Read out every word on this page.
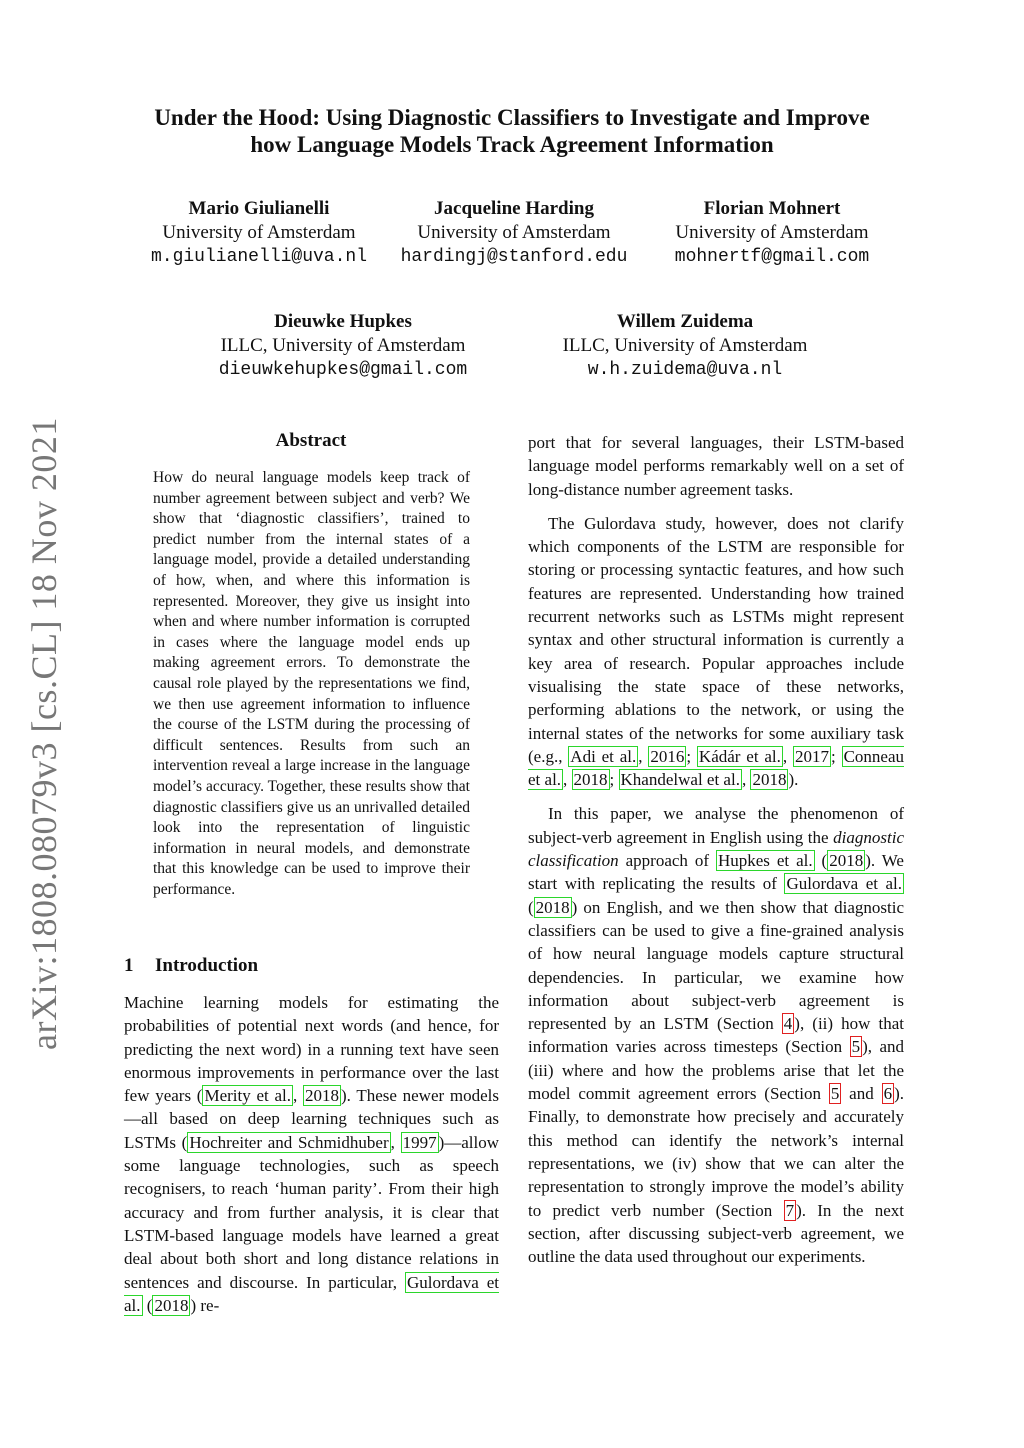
Under the Hood: Using Diagnostic Classifiers to Investigate and Improve
how Language Models Track Agreement Information
Mario Giulianelli
University of Amsterdam
m.giulianelli@uva.nl
Jacqueline Harding
University of Amsterdam
hardingj@stanford.edu
Florian Mohnert
University of Amsterdam
mohnertf@gmail.com
Dieuwke Hupkes
ILLC, University of Amsterdam
dieuwkehupkes@gmail.com
Willem Zuidema
ILLC, University of Amsterdam
w.h.zuidema@uva.nl
arXiv:1808.08079v3 [cs.CL] 18 Nov 2021	Abstract
How do neural language models keep track of number agreement between subject and verb? We show that ‘diagnostic classifiers’, trained to predict number from the internal states of a language model, provide a detailed understanding of how, when, and where this information is represented. Moreover, they give us insight into when and where number information is corrupted in cases where the language model ends up making agreement errors. To demonstrate the causal role played by the representations we find, we then use agreement information to influence the course of the LSTM during the processing of difficult sentences. Results from such an intervention reveal a large increase in the language model’s accuracy. Together, these results show that diagnostic classifiers give us an unrivalled detailed look into the representation of linguistic information in neural models, and demonstrate that this knowledge can be used to improve their performance.
1 Introduction

Machine learning models for estimating the probabilities of potential next words (and hence, for predicting the next word) in a running text have seen enormous improvements in performance over the last few years ( Merity et al. , 2018 ). These newer models—all based on deep learning techniques such as LSTMs ( Hochreiter and Schmidhuber , 1997 )—allow some language technologies, such as speech recognisers, to reach ‘human parity’. From their high accuracy and from further analysis, it is clear that LSTM-based language models have learned a great deal about both short and long distance relations in sentences and discourse. In particular, Gulordava et al. ( 2018 ) re-

port that for several languages, their LSTM-based language model performs remarkably well on a set of long-distance number agreement tasks.

The Gulordava study, however, does not clarify which components of the LSTM are responsible for storing or processing syntactic features, and how such features are represented. Understanding how trained recurrent networks such as LSTMs might represent syntax and other structural information is currently a key area of research. Popular approaches include visualising the state space of these networks, performing ablations to the network, or using the internal states of the networks for some auxiliary task (e.g., Adi et al. , 2016 ; Kádár et al. , 2017 ; Conneau et al. , 2018 ; Khandelwal et al. , 2018 ).

In this paper, we analyse the phenomenon of subject-verb agreement in English using the diagnostic classification approach of Hupkes et al. ( 2018 ). We start with replicating the results of Gulordava et al. ( 2018 ) on English, and we then show that diagnostic classifiers can be used to give a fine-grained analysis of how neural language models capture structural dependencies. In particular, we examine how information about subject-verb agreement is represented by an LSTM (Section 4 ), (ii) how that information varies across timesteps (Section 5 ), and (iii) where and how the problems arise that let the model commit agreement errors (Section 5 and 6 ). Finally, to demonstrate how precisely and accurately this method can identify the network’s internal representations, we (iv) show that we can alter the representation to strongly improve the model’s ability to predict verb number (Section 7 ). In the next section, after discussing subject-verb agreement, we outline the data used throughout our experiments.
